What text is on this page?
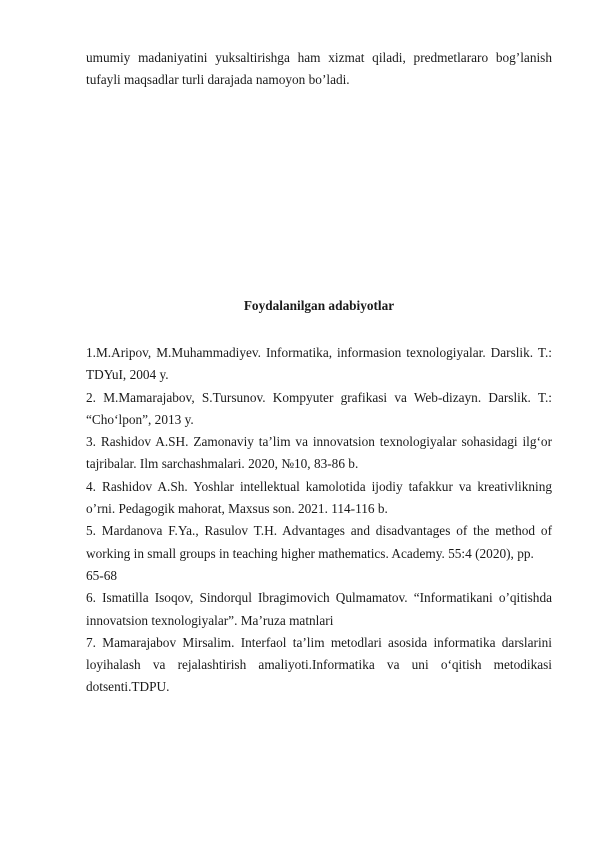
umumiy madaniyatini yuksaltirishga ham xizmat qiladi, predmetlararo bog’lanish tufayli maqsadlar turli darajada namoyon bo’ladi.

Foydalanilgan adabiyotlar

1.M.Aripov, M.Muhammadiyev. Informatika, informasion texnologiyalar. Darslik. T.: TDYuI, 2004 y.

2. M.Mamarajabov, S.Tursunov. Kompyuter grafikasi va Web-dizayn. Darslik. T.: “Cho‘lpon”, 2013 y.

3. Rashidov A.SH. Zamonaviy ta’lim va innovatsion texnologiyalar sohasidagi ilg‘or tajribalar. Ilm sarchashmalari. 2020, №10, 83-86 b.

4. Rashidov A.Sh. Yoshlar intellektual kamolotida ijodiy tafakkur va kreativlikning

o’rni. Pedagogik mahorat, Maxsus son. 2021. 114-116 b.

5. Mardanova F.Ya., Rasulov T.H. Advantages and disadvantages of the method of working in small groups in teaching higher mathematics. Academy. 55:4 (2020), pp.

65-68

6. Ismatilla Isoqov, Sindorqul Ibragimovich Qulmamatov. “Informatikani o’qitishda innovatsion texnologiyalar”. Ma’ruza matnlari

7. Mamarajabov Mirsalim. Interfaol ta’lim metodlari asosida informatika darslarini loyihalash va rejalashtirish amaliyoti.Informatika va uni o‘qitish metodikasi dotsenti.TDPU.
